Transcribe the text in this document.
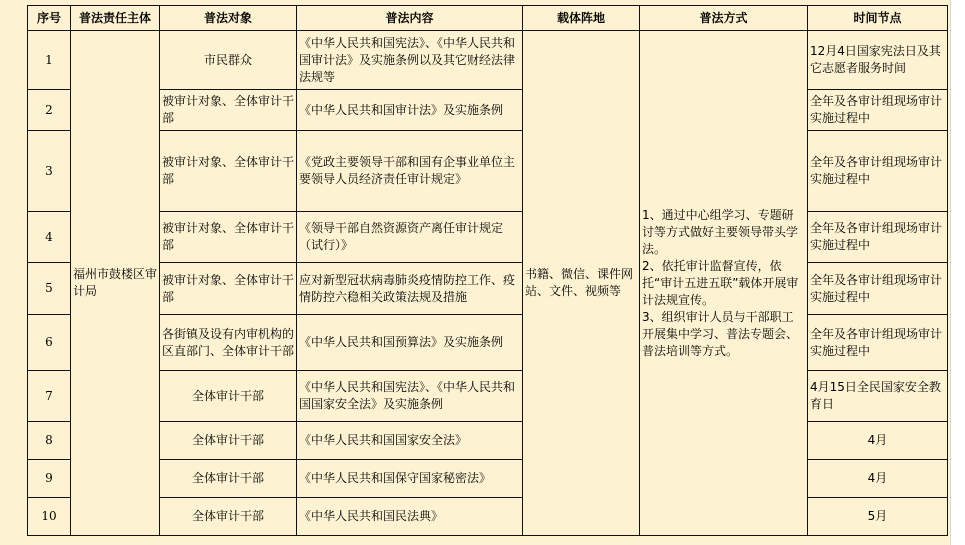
序号	普法责任主体	普法对象	普法内容	载体阵地	普法方式	时间节点
1	福州市鼓楼区审计局	市民群众	《中华人民共和国宪法》、《中华人民共和国审计法》及实施条例以及其它财经法律法规等	书籍、微信、课件网站、文件、视频等	1、通过中心组学习、专题研讨等方式做好主要领导带头学法。
2、依托审计监督宣传，依托“审计五进五联”载体开展审计法规宣传。
3、组织审计人员与干部职工开展集中学习、普法专题会、普法培训等方式。	12月4日国家宪法日及其它志愿者服务时间
2		被审计对象、全体审计干部	《中华人民共和国审计法》及实施条例			全年及各审计组现场审计实施过程中
3		被审计对象、全体审计干部	《党政主要领导干部和国有企事业单位主要领导人员经济责任审计规定》			全年及各审计组现场审计实施过程中
4		被审计对象、全体审计干部	《领导干部自然资源资产离任审计规定（试行）》			全年及各审计组现场审计实施过程中
5		被审计对象、全体审计干部	应对新型冠状病毒肺炎疫情防控工作、疫情防控六稳相关政策法规及措施			全年及各审计组现场审计实施过程中
6		各街镇及设有内审机构的区直部门、全体审计干部	《中华人民共和国预算法》及实施条例			全年及各审计组现场审计实施过程中
7		全体审计干部	《中华人民共和国宪法》、《中华人民共和国国家安全法》及实施条例			4月15日全民国家安全教育日
8		全体审计干部	《中华人民共和国国家安全法》			4月
9		全体审计干部	《中华人民共和国保守国家秘密法》			4月
10		全体审计干部	《中华人民共和国民法典》			5月
